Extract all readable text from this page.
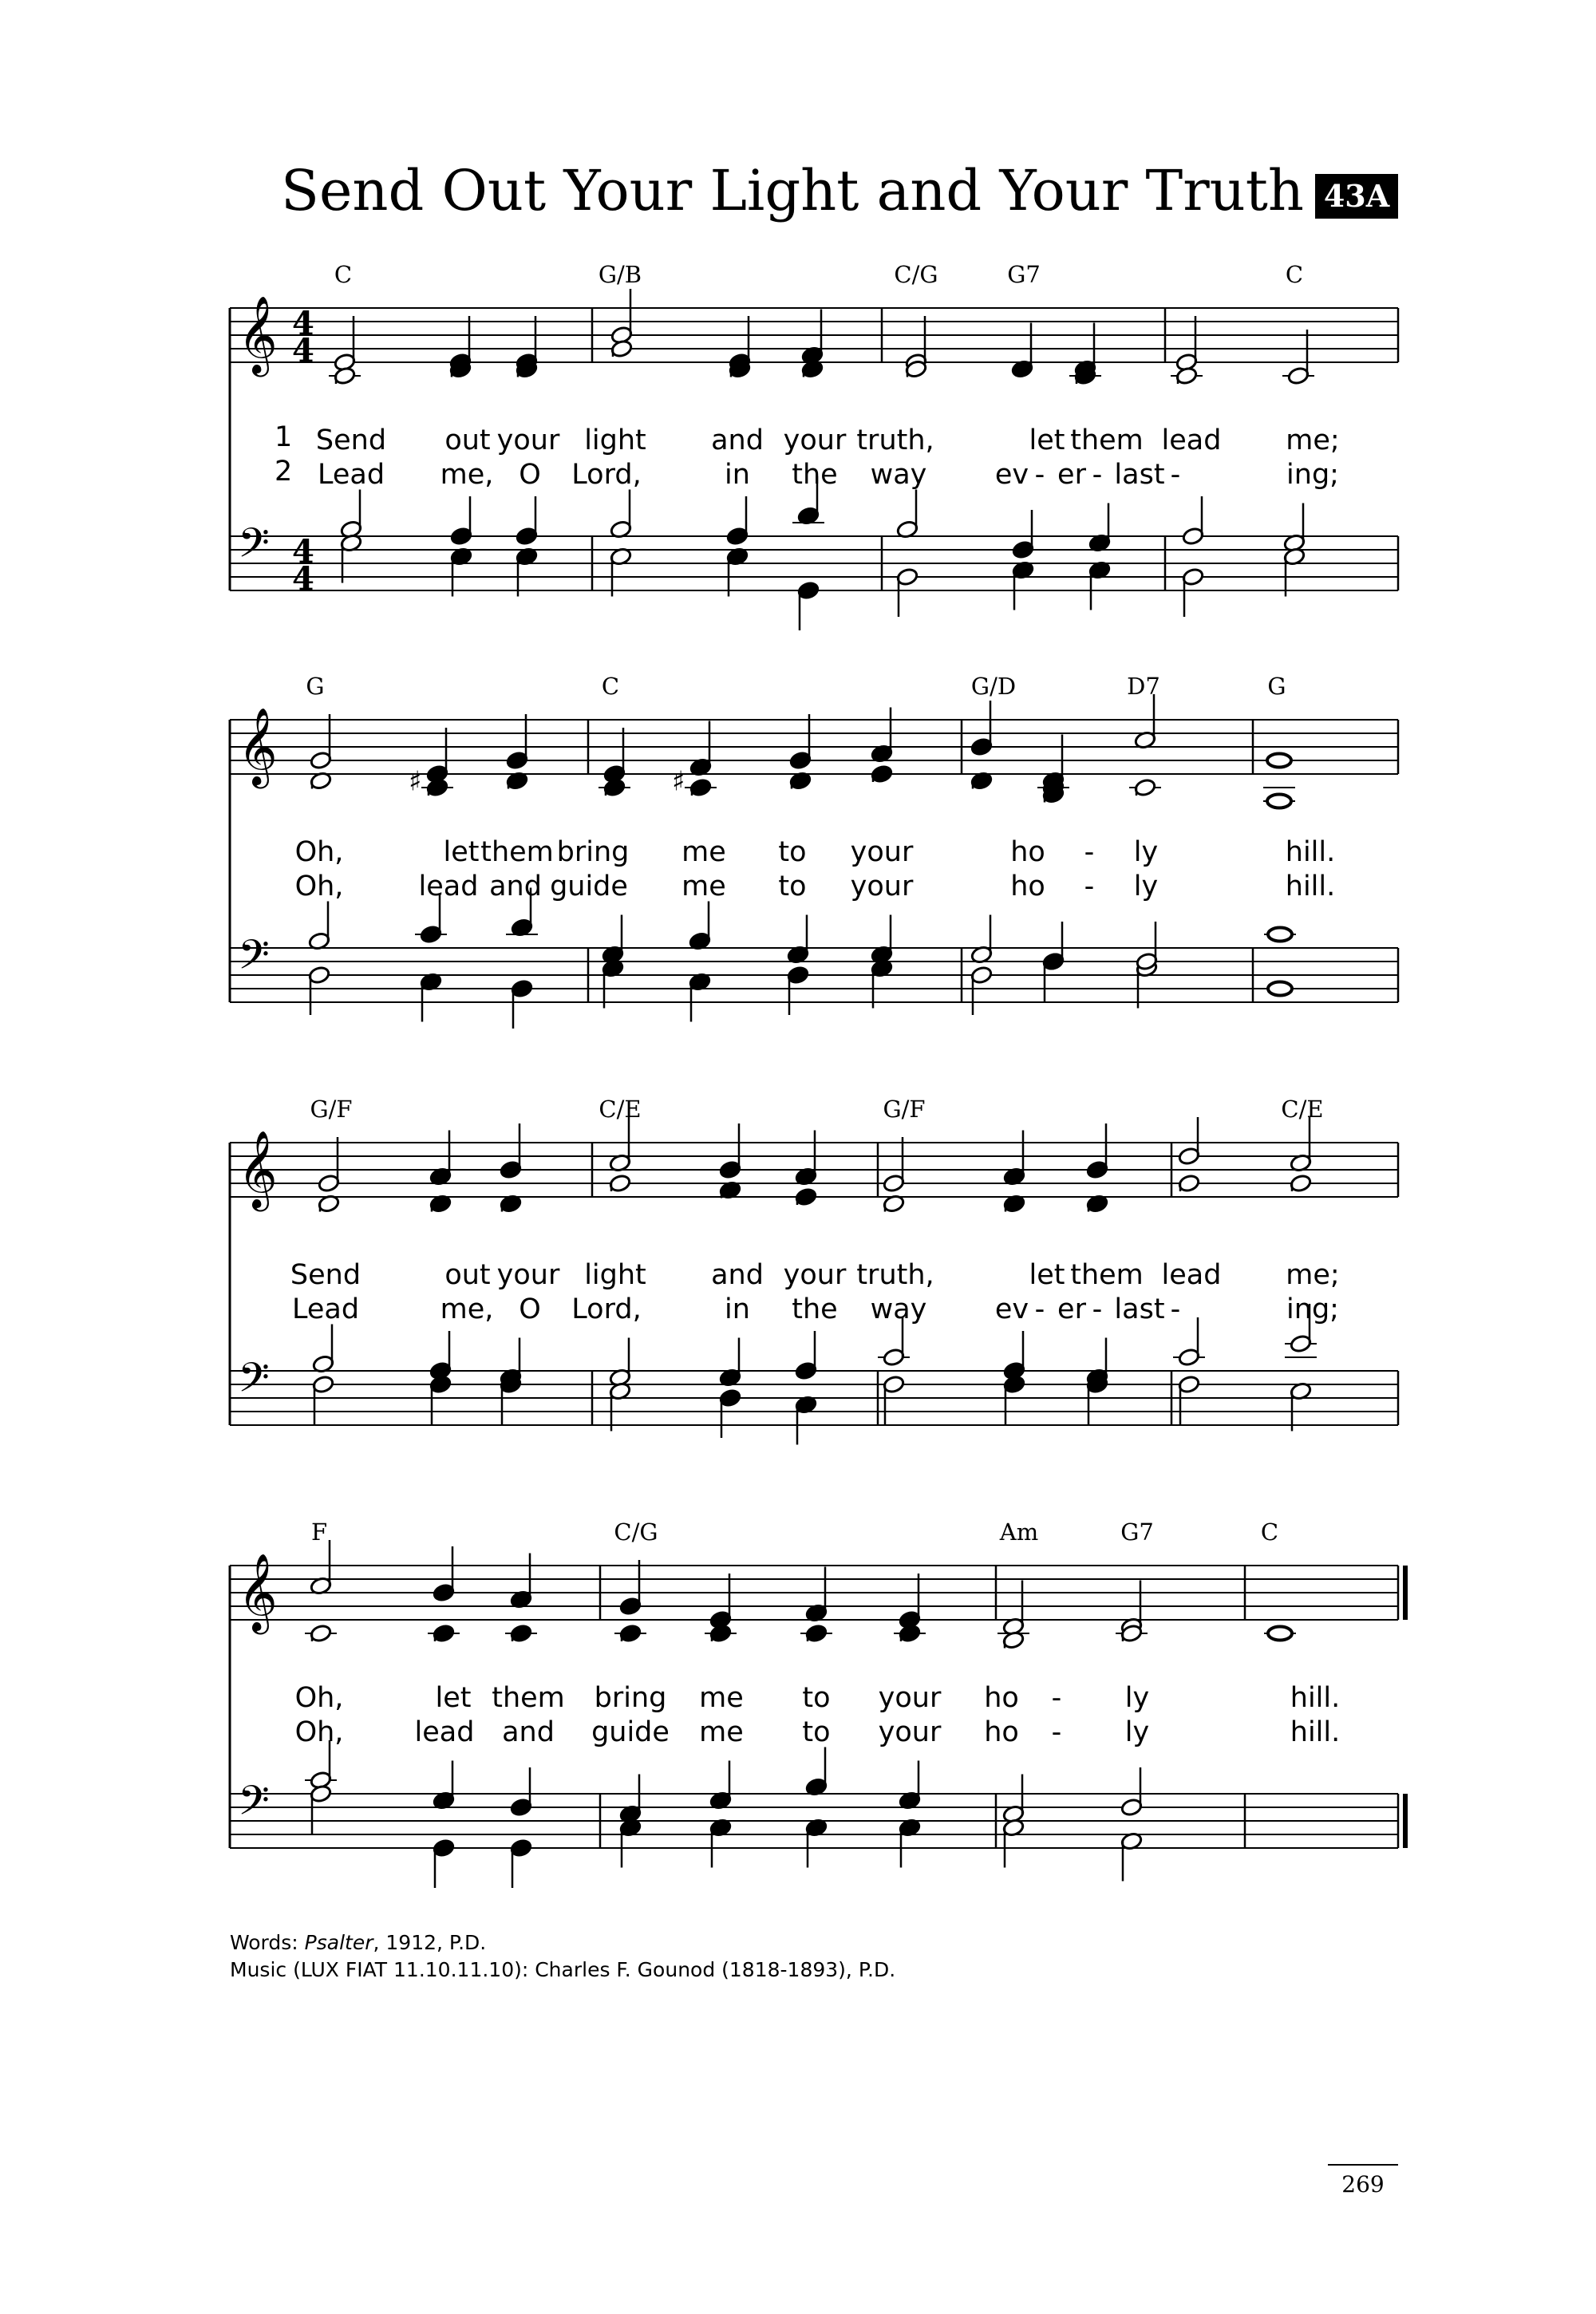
Send Out Your Light and Your Truth 43A
𝄞 4
4
𝄢 4
4
C	G/B	C/G	G7	C
1 Send out your light and your truth,	let them lead me;
2 Lead me, O Lord,	in the way ev - er - last -	ing;
𝄞
𝄢
♯	♯
G	C	G/D	D7	G
Oh,	let them bring me to your	ho - ly	hill.
Oh,	lead and guide me to your	ho - ly	hill.
𝄞
𝄢
G/F	C/E	G/F	C/E
Send	out your light and your truth,	let them lead me;
Lead	me, O Lord,	in the way ev - er - last -	ing;
𝄞
𝄢
F	C/G	Am	G7	C
Oh,	let them bring me to your ho - ly	hill.
Oh,	lead and guide me to your ho - ly	hill.
Words: Psalter, 1912, P.D.
Music (LUX FIAT 11.10.11.10): Charles F. Gounod (1818-1893), P.D.
269
